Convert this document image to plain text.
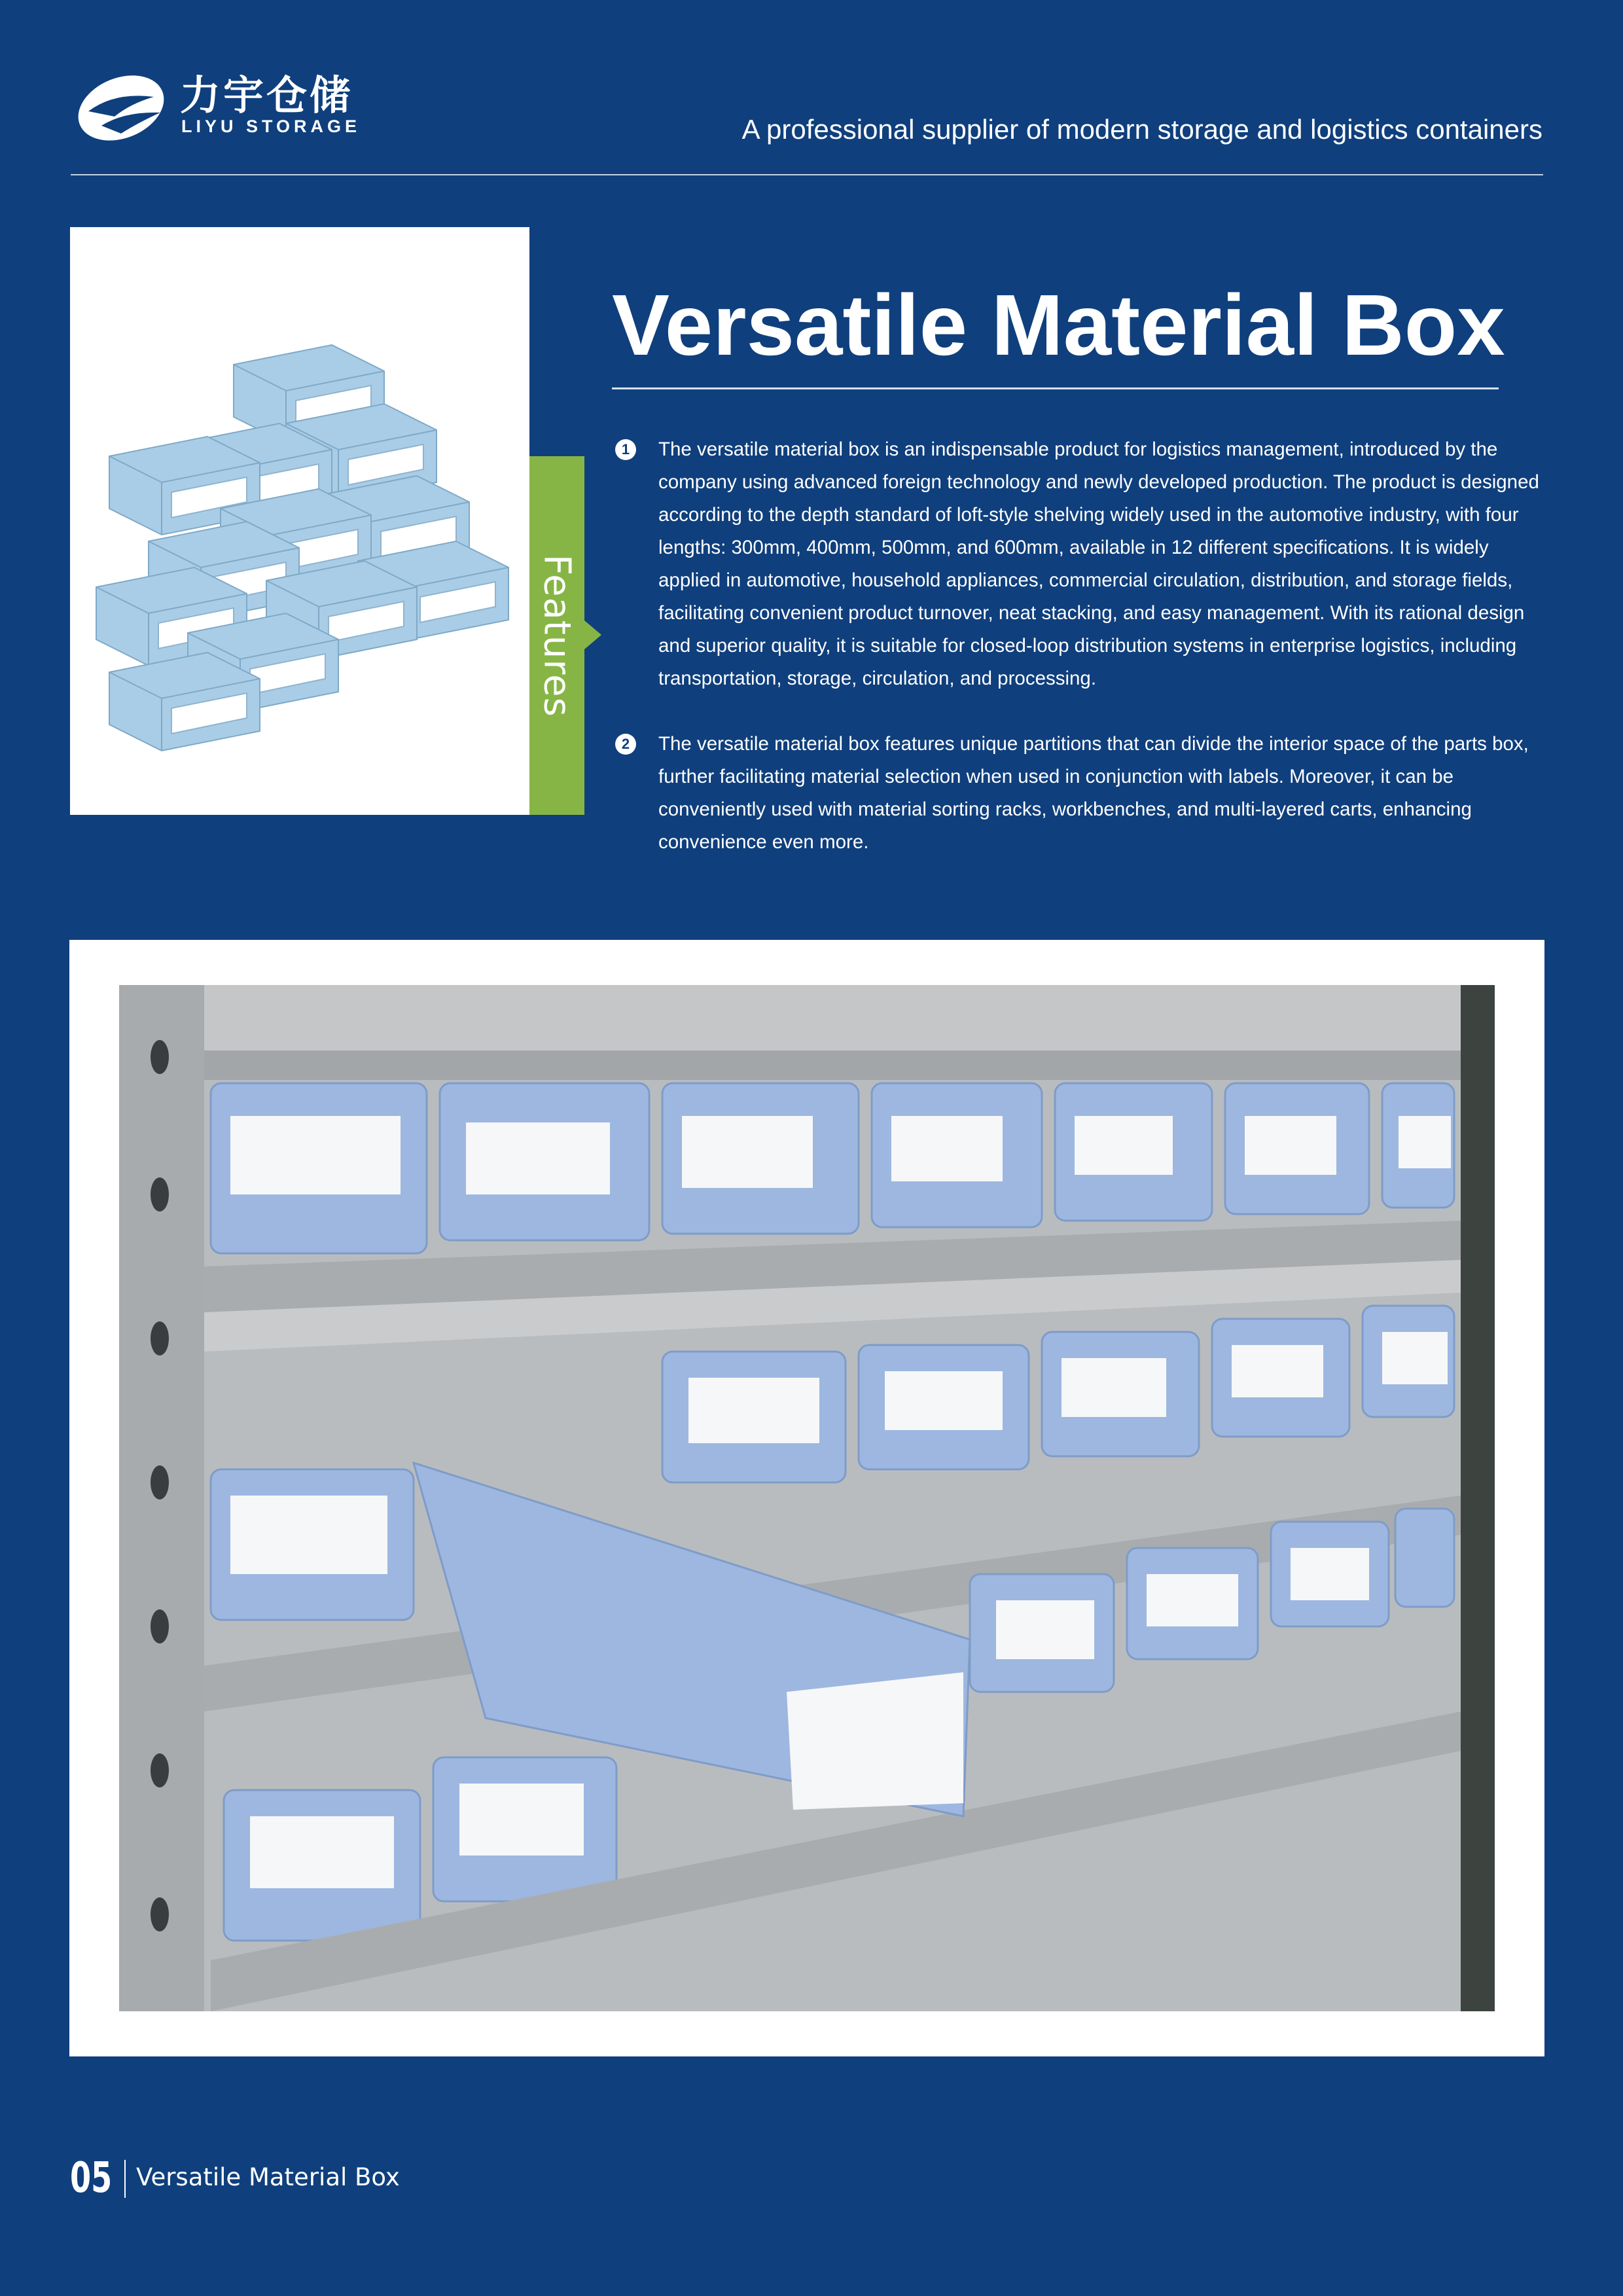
力宇仓储
LIYU STORAGE	A professional supplier of modern storage and logistics containers
Features
Versatile Material Box
1	The versatile material box is an indispensable product for logistics management, introduced by the company using advanced foreign technology and newly developed production. The product is designed according to the depth standard of loft-style shelving widely used in the automotive industry, with four lengths: 300mm, 400mm, 500mm, and 600mm, available in 12 different specifications. It is widely applied in automotive, household appliances, commercial circulation, distribution, and storage fields, facilitating convenient product turnover, neat stacking, and easy management. With its rational design and superior quality, it is suitable for closed-loop distribution systems in enterprise logistics, including transportation, storage, circulation, and processing.
2	The versatile material box features unique partitions that can divide the interior space of the parts box, further facilitating material selection when used in conjunction with labels. Moreover, it can be conveniently used with material sorting racks, workbenches, and multi-layered carts, enhancing convenience even more.
05 Versatile Material Box
